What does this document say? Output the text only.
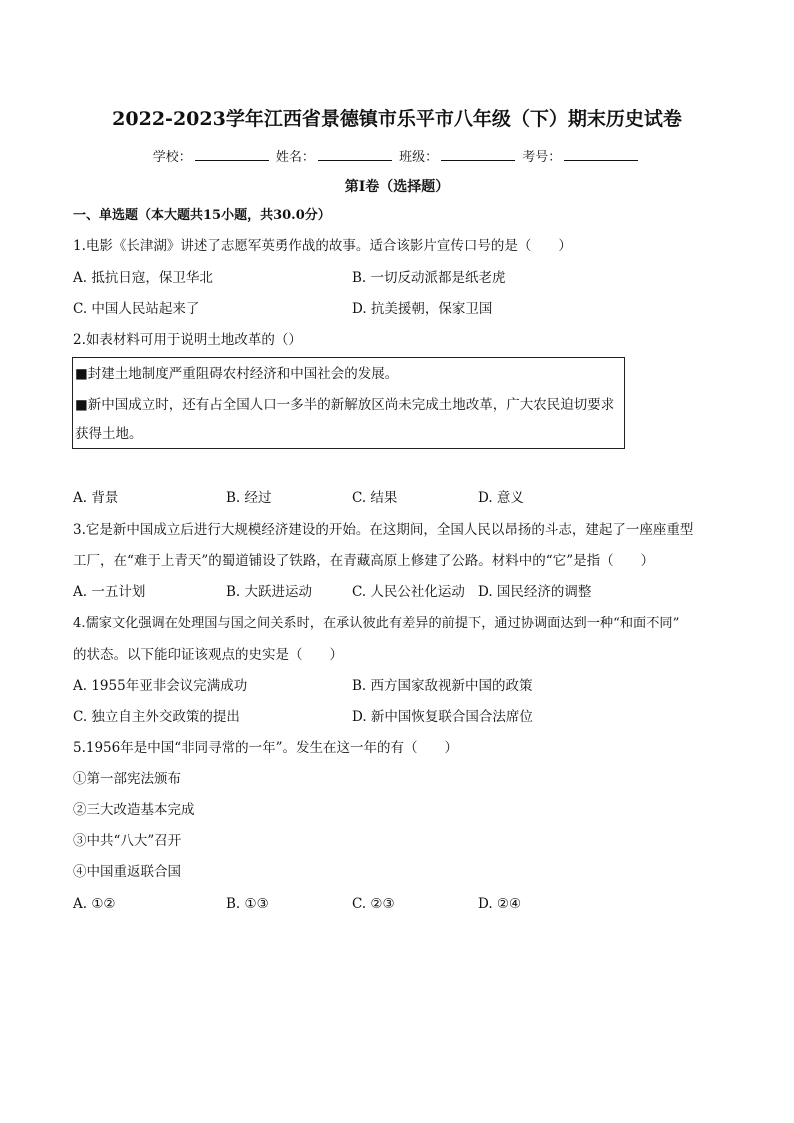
2022-2023学年江西省景德镇市乐平市八年级（下）期末历史试卷
学校：	姓名：	班级：	考号：
第Ⅰ卷（选择题）
一、单选题（本大题共15小题，共30.0分）
1.电影《长津湖》讲述了志愿军英勇作战的故事。适合该影片宣传口号的是（　　）
A. 抵抗日寇，保卫华北	B. 一切反动派都是纸老虎
C. 中国人民站起来了	D. 抗美援朝，保家卫国
2.如表材料可用于说明土地改革的（）
■封建土地制度严重阻碍农村经济和中国社会的发展。
■新中国成立时，还有占全国人口一多半的新解放区尚未完成土地改革，广大农民迫切要求
获得土地。
A. 背景	B. 经过	C. 结果	D. 意义
3.它是新中国成立后进行大规模经济建设的开始。在这期间，全国人民以昂扬的斗志，建起了一座座重型
工厂，在“难于上青天”的蜀道铺设了铁路，在青藏高原上修建了公路。材料中的“它”是指（　　）
A. 一五计划	B. 大跃进运动	C. 人民公社化运动 D. 国民经济的调整
4.儒家文化强调在处理国与国之间关系时，在承认彼此有差异的前提下，通过协调面达到一种“和面不同”
的状态。以下能印证该观点的史实是（　　）
A. 1955年亚非会议完满成功	B. 西方国家敌视新中国的政策
C. 独立自主外交政策的提出	D. 新中国恢复联合国合法席位
5.1956年是中国“非同寻常的一年”。发生在这一年的有（　　）
①第一部宪法颁布
②三大改造基本完成
③中共“八大”召开
④中国重返联合国
A. ①②	B. ①③	C. ②③	D. ②④
